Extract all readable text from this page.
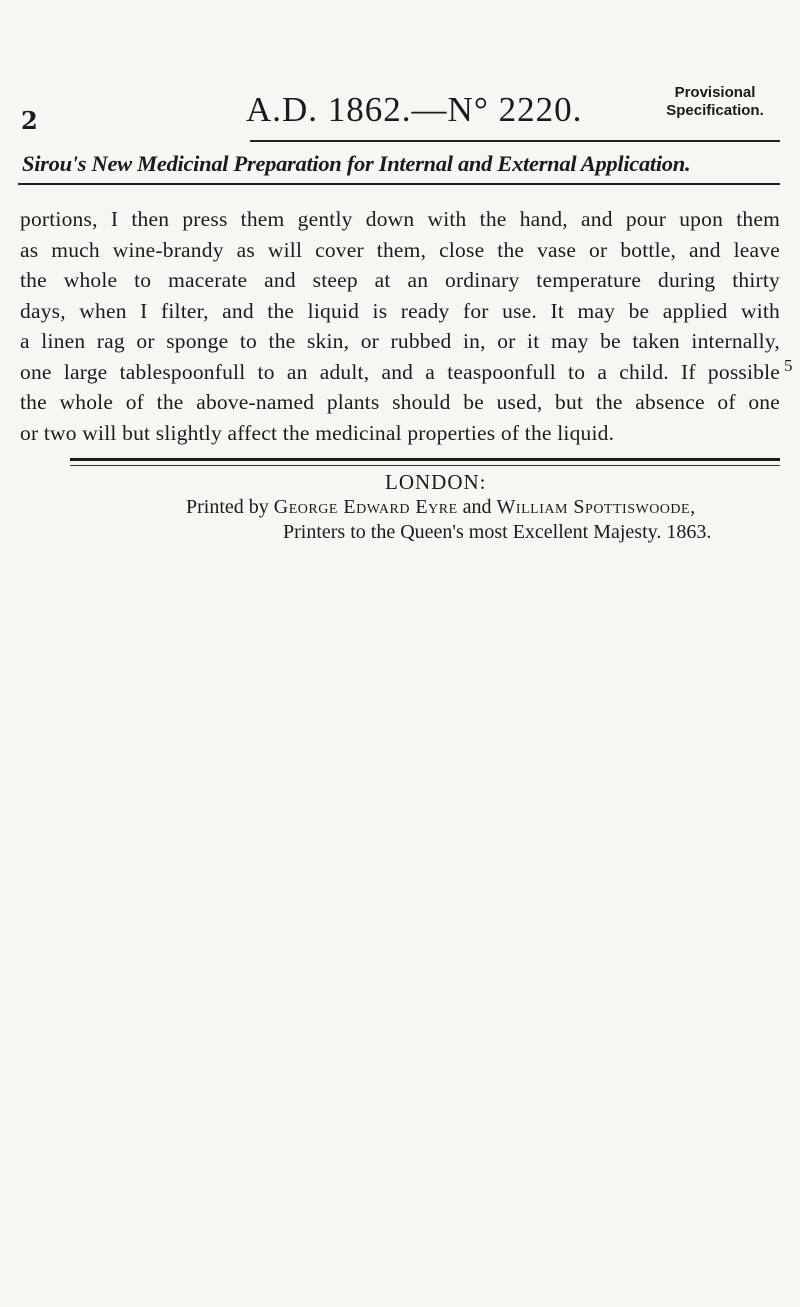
2	A.D. 1862.—N° 2220.	Provisional
Specification.
Sirou's New Medicinal Preparation for Internal and External Application.
portions, I then press them gently down with the hand, and pour upon them
as much wine-brandy as will cover them, close the vase or bottle, and leave
the whole to macerate and steep at an ordinary temperature during thirty
days, when I filter, and the liquid is ready for use. It may be applied with
a linen rag or sponge to the skin, or rubbed in, or it may be taken internally,
one large tablespoonfull to an adult, and a teaspoonfull to a child. If possible
the whole of the above-named plants should be used, but the absence of one
or two will but slightly affect the medicinal properties of the liquid.
5
LONDON:
Printed by George Edward Eyre and William Spottiswoode,
Printers to the Queen's most Excellent Majesty. 1863.
